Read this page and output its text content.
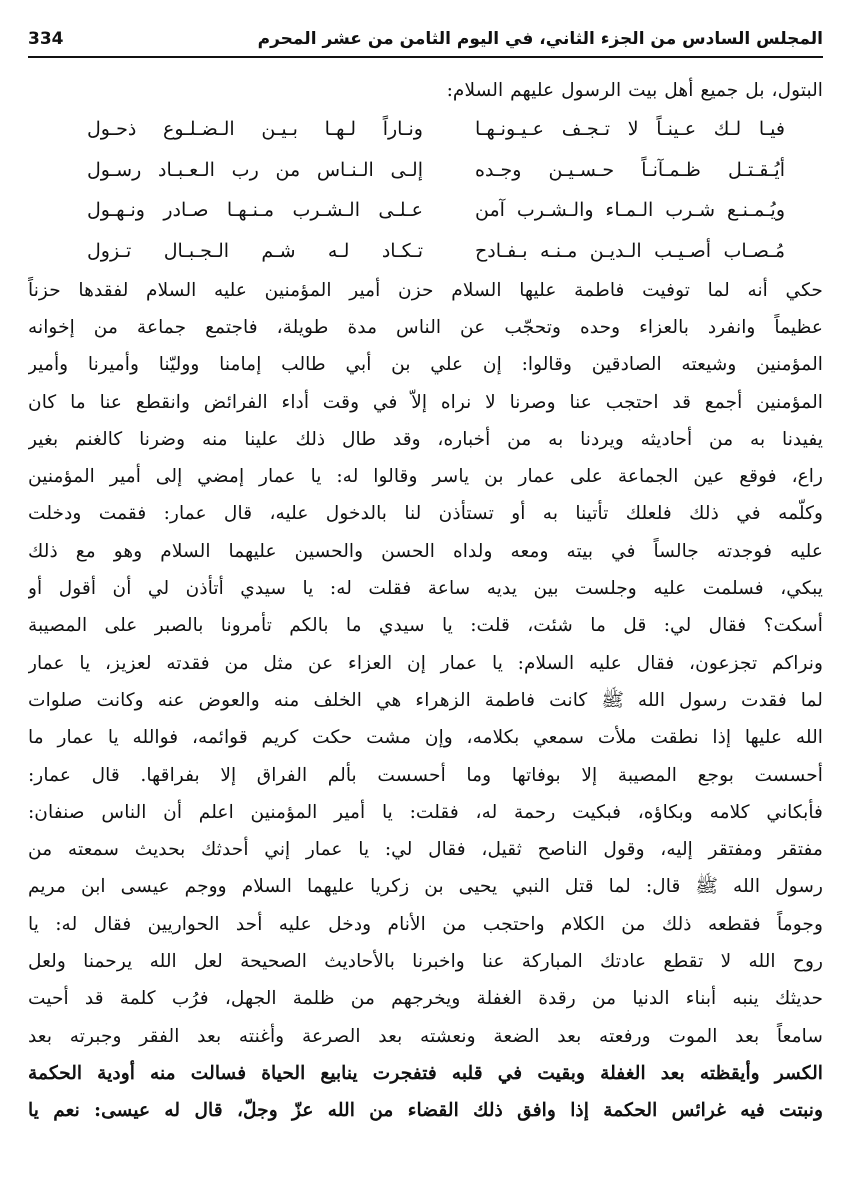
المجلس السادس من الجزء الثاني، في اليوم الثامن من عشر المحرم
334
البتول، بل جميع أهل بيت الرسول عليهم السلام:
فيـا لـك عـينـاً لا تـجـف عـيـونـهـا
ونـاراً لـهـا بـيـن الـضـلـوع ذحـول
أيُـقـتـل ظـمـآنـاً حـسـيـن وجـده
إلـى الـنـاس من رب الـعـبـاد رسـول
ويُـمـنـع شـرب الـمـاء والـشـرب آمن
عـلـى الـشـرب مـنـهـا صـادر ونـهـول
مُـصـاب أصـيـب الـديـن مـنـه بـفـادح
تـكـاد لـه شـم الـجـبـال تـزول
حكي أنه لما توفيت فاطمة عليها السلام حزن أمير المؤمنين عليه السلام لفقدها حزناً
عظيماً وانفرد بالعزاء وحده وتحجّب عن الناس مدة طويلة، فاجتمع جماعة من إخوانه
المؤمنين وشيعته الصادقين وقالوا: إن علي بن أبي طالب إمامنا ووليّنا وأميرنا وأمير
المؤمنين أجمع قد احتجب عنا وصرنا لا نراه إلاّ في وقت أداء الفرائض وانقطع عنا ما كان
يفيدنا به من أحاديثه ويردنا به من أخباره، وقد طال ذلك علينا منه وضرنا كالغنم بغير
راع، فوقع عين الجماعة على عمار بن ياسر وقالوا له: يا عمار إمضي إلى أمير المؤمنين
وكلّمه في ذلك فلعلك تأتينا به أو تستأذن لنا بالدخول عليه، قال عمار: فقمت ودخلت
عليه فوجدته جالساً في بيته ومعه ولداه الحسن والحسين عليهما السلام وهو مع ذلك
يبكي، فسلمت عليه وجلست بين يديه ساعة فقلت له: يا سيدي أتأذن لي أن أقول أو
أسكت؟ فقال لي: قل ما شئت، قلت: يا سيدي ما بالكم تأمرونا بالصبر على المصيبة
ونراكم تجزعون، فقال عليه السلام: يا عمار إن العزاء عن مثل من فقدته لعزيز، يا عمار
لما فقدت رسول الله ﷺ كانت فاطمة الزهراء هي الخلف منه والعوض عنه وكانت صلوات
الله عليها إذا نطقت ملأت سمعي بكلامه، وإن مشت حكت كريم قوائمه، فوالله يا عمار ما
أحسست بوجع المصيبة إلا بوفاتها وما أحسست بألم الفراق إلا بفراقها. قال عمار:
فأبكاني كلامه وبكاؤه، فبكيت رحمة له، فقلت: يا أمير المؤمنين اعلم أن الناس صنفان:
مفتقر ومفتقر إليه، وقول الناصح ثقيل، فقال لي: يا عمار إني أحدثك بحديث سمعته من
رسول الله ﷺ قال: لما قتل النبي يحيى بن زكريا عليهما السلام ووجم عيسى ابن مريم
وجوماً فقطعه ذلك من الكلام واحتجب من الأنام ودخل عليه أحد الحواريين فقال له: يا
روح الله لا تقطع عادتك المباركة عنا واخبرنا بالأحاديث الصحيحة لعل الله يرحمنا ولعل
حديثك ينبه أبناء الدنيا من رقدة الغفلة ويخرجهم من ظلمة الجهل، فرُب كلمة قد أحيت
سامعاً بعد الموت ورفعته بعد الضعة ونعشته بعد الصرعة وأغنته بعد الفقر وجبرته بعد
الكسر وأيقظته بعد الغفلة وبقيت في قلبه فتفجرت ينابيع الحياة فسالت منه أودية الحكمة
ونبتت فيه غرائس الحكمة إذا وافق ذلك القضاء من الله عزّ وجلّ، قال له عيسى: نعم يا
